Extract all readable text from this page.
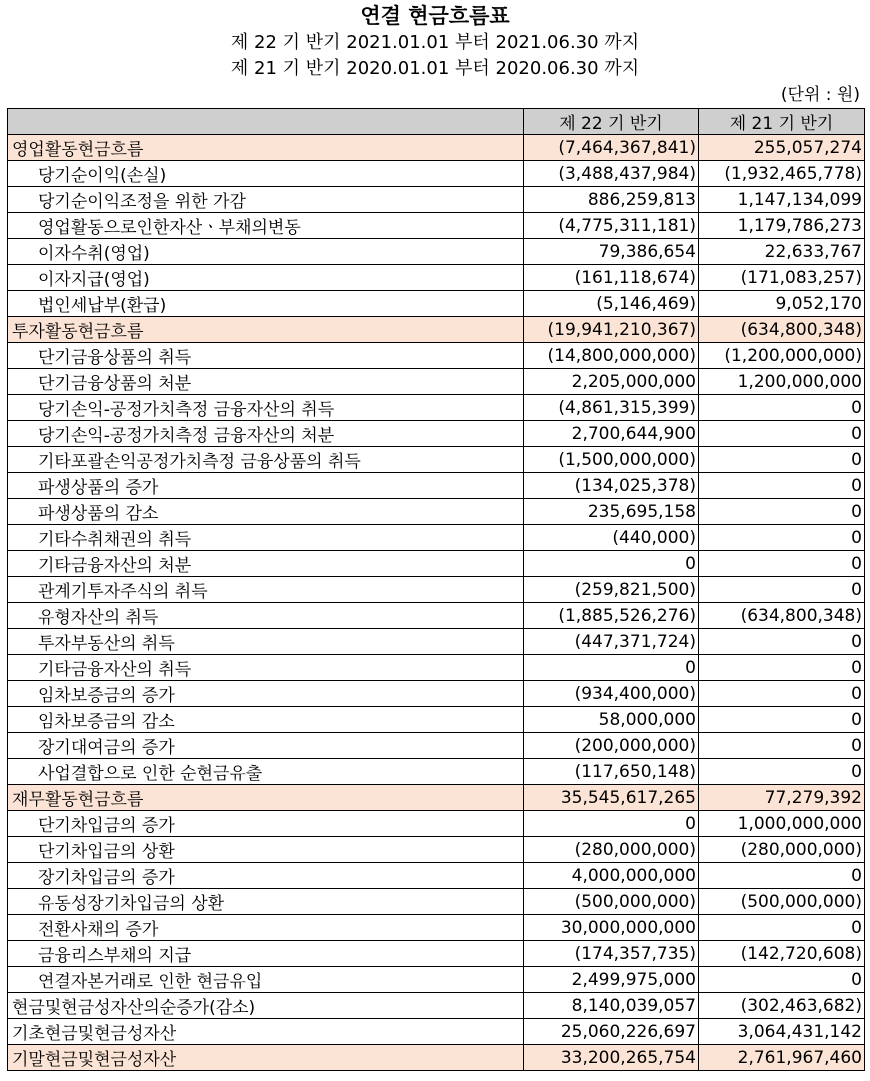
연결 현금흐름표
제 22 기 반기 2021.01.01 부터 2021.06.30 까지
제 21 기 반기 2020.01.01 부터 2020.06.30 까지
(단위 : 원)
	제 22 기 반기	제 21 기 반기
영업활동현금흐름	(7,464,367,841)	255,057,274
당기순이익(손실)	(3,488,437,984)	(1,932,465,778)
당기순이익조정을 위한 가감	886,259,813	1,147,134,099
영업활동으로인한자산ㆍ부채의변동	(4,775,311,181)	1,179,786,273
이자수취(영업)	79,386,654	22,633,767
이자지급(영업)	(161,118,674)	(171,083,257)
법인세납부(환급)	(5,146,469)	9,052,170
투자활동현금흐름	(19,941,210,367)	(634,800,348)
단기금융상품의 취득	(14,800,000,000)	(1,200,000,000)
단기금융상품의 처분	2,205,000,000	1,200,000,000
당기손익-공정가치측정 금융자산의 취득	(4,861,315,399)	0
당기손익-공정가치측정 금융자산의 처분	2,700,644,900	0
기타포괄손익공정가치측정 금융상품의 취득	(1,500,000,000)	0
파생상품의 증가	(134,025,378)	0
파생상품의 감소	235,695,158	0
기타수취채권의 취득	(440,000)	0
기타금융자산의 처분	0	0
관계기투자주식의 취득	(259,821,500)	0
유형자산의 취득	(1,885,526,276)	(634,800,348)
투자부동산의 취득	(447,371,724)	0
기타금융자산의 취득	0	0
임차보증금의 증가	(934,400,000)	0
임차보증금의 감소	58,000,000	0
장기대여금의 증가	(200,000,000)	0
사업결합으로 인한 순현금유출	(117,650,148)	0
재무활동현금흐름	35,545,617,265	77,279,392
단기차입금의 증가	0	1,000,000,000
단기차입금의 상환	(280,000,000)	(280,000,000)
장기차입금의 증가	4,000,000,000	0
유동성장기차입금의 상환	(500,000,000)	(500,000,000)
전환사채의 증가	30,000,000,000	0
금융리스부채의 지급	(174,357,735)	(142,720,608)
연결자본거래로 인한 현금유입	2,499,975,000	0
현금및현금성자산의순증가(감소)	8,140,039,057	(302,463,682)
기초현금및현금성자산	25,060,226,697	3,064,431,142
기말현금및현금성자산	33,200,265,754	2,761,967,460
